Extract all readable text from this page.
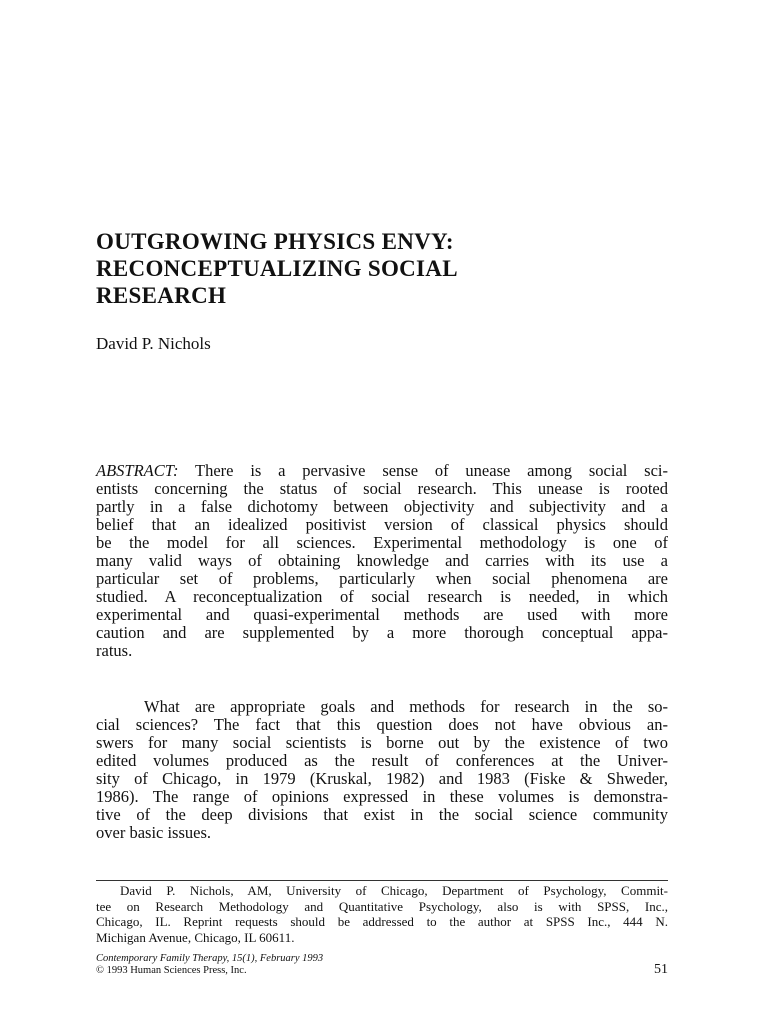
OUTGROWING PHYSICS ENVY:
RECONCEPTUALIZING SOCIAL
RESEARCH
David P. Nichols
ABSTRACT: There is a pervasive sense of unease among social sci-
entists concerning the status of social research. This unease is rooted
partly in a false dichotomy between objectivity and subjectivity and a
belief that an idealized positivist version of classical physics should
be the model for all sciences. Experimental methodology is one of
many valid ways of obtaining knowledge and carries with its use a
particular set of problems, particularly when social phenomena are
studied. A reconceptualization of social research is needed, in which
experimental and quasi-experimental methods are used with more
caution and are supplemented by a more thorough conceptual appa-
ratus.
What are appropriate goals and methods for research in the so-
cial sciences? The fact that this question does not have obvious an-
swers for many social scientists is borne out by the existence of two
edited volumes produced as the result of conferences at the Univer-
sity of Chicago, in 1979 (Kruskal, 1982) and 1983 (Fiske & Shweder,
1986). The range of opinions expressed in these volumes is demonstra-
tive of the deep divisions that exist in the social science community
over basic issues.
David P. Nichols, AM, University of Chicago, Department of Psychology, Commit-
tee on Research Methodology and Quantitative Psychology, also is with SPSS, Inc.,
Chicago, IL. Reprint requests should be addressed to the author at SPSS Inc., 444 N.
Michigan Avenue, Chicago, IL 60611.
Contemporary Family Therapy, 15(1), February 1993
© 1993 Human Sciences Press, Inc.	51
